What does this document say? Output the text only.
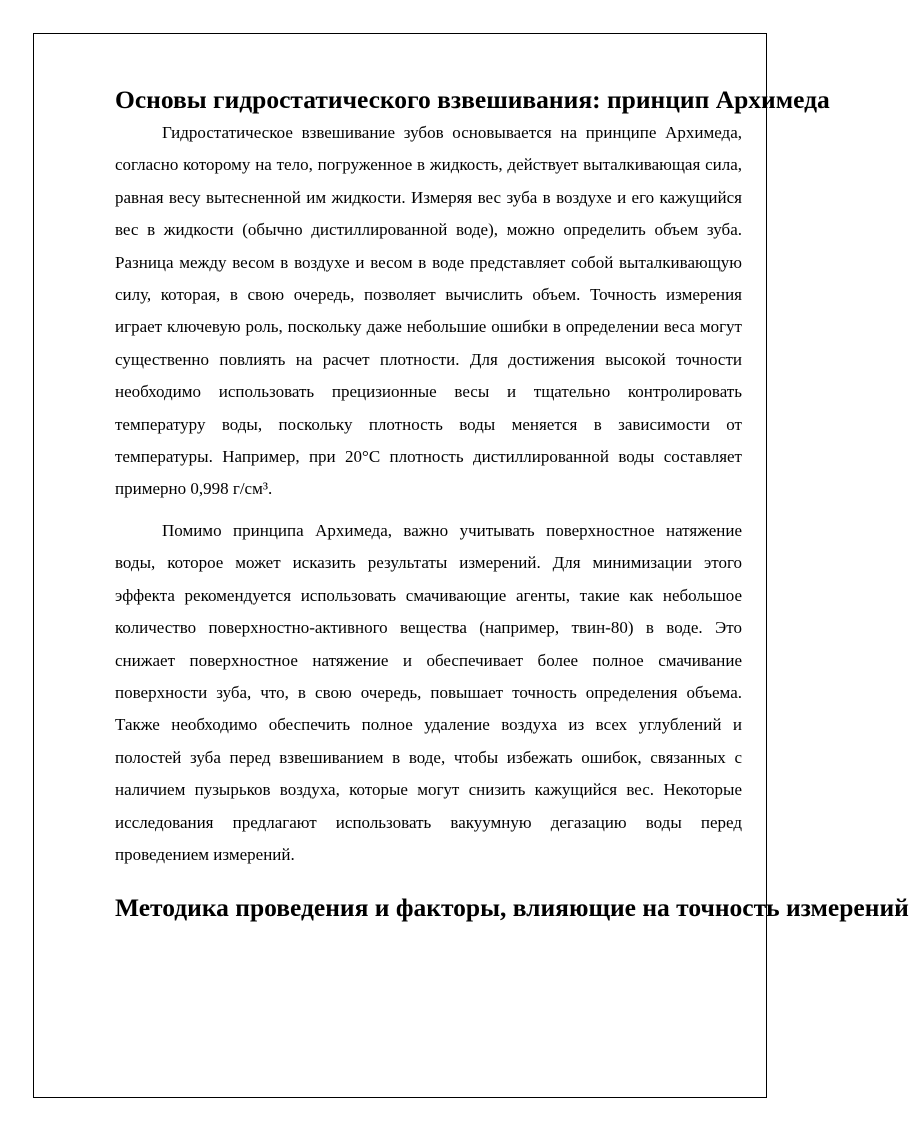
Основы гидростатического взвешивания: принцип Архимеда

Гидростатическое взвешивание зубов основывается на принципе Архимеда, согласно которому на тело, погруженное в жидкость, действует выталкивающая сила, равная весу вытесненной им жидкости. Измеряя вес зуба в воздухе и его кажущийся вес в жидкости (обычно дистиллированной воде), можно определить объем зуба. Разница между весом в воздухе и весом в воде представляет собой выталкивающую силу, которая, в свою очередь, позволяет вычислить объем. Точность измерения играет ключевую роль, поскольку даже небольшие ошибки в определении веса могут существенно повлиять на расчет плотности. Для достижения высокой точности необходимо использовать прецизионные весы и тщательно контролировать температуру воды, поскольку плотность воды меняется в зависимости от температуры. Например, при 20°C плотность дистиллированной воды составляет примерно 0,998 г/см³.

Помимо принципа Архимеда, важно учитывать поверхностное натяжение воды, которое может исказить результаты измерений. Для минимизации этого эффекта рекомендуется использовать смачивающие агенты, такие как небольшое количество поверхностно-активного вещества (например, твин-80) в воде. Это снижает поверхностное натяжение и обеспечивает более полное смачивание поверхности зуба, что, в свою очередь, повышает точность определения объема. Также необходимо обеспечить полное удаление воздуха из всех углублений и полостей зуба перед взвешиванием в воде, чтобы избежать ошибок, связанных с наличием пузырьков воздуха, которые могут снизить кажущийся вес. Некоторые исследования предлагают использовать вакуумную дегазацию воды перед проведением измерений.

Методика проведения и факторы, влияющие на точность измерений
